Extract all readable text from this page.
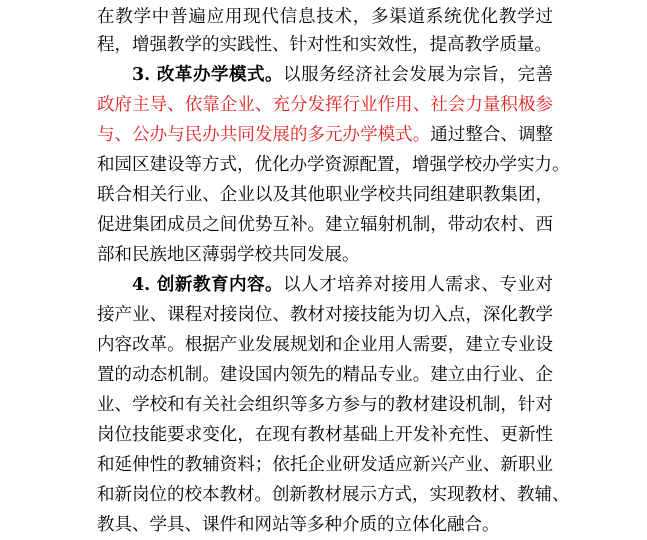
在教学中普遍应用现代信息技术，多渠道系统优化教学过
程，增强教学的实践性、针对性和实效性，提高教学质量。
3. 改革办学模式。以服务经济社会发展为宗旨，完善
政府主导、依靠企业、充分发挥行业作用、社会力量积极参
与、公办与民办共同发展的多元办学模式。通过整合、调整
和园区建设等方式，优化办学资源配置，增强学校办学实力。
联合相关行业、企业以及其他职业学校共同组建职教集团，
促进集团成员之间优势互补。建立辐射机制，带动农村、西
部和民族地区薄弱学校共同发展。
4. 创新教育内容。以人才培养对接用人需求、专业对
接产业、课程对接岗位、教材对接技能为切入点，深化教学
内容改革。根据产业发展规划和企业用人需要，建立专业设
置的动态机制。建设国内领先的精品专业。建立由行业、企
业、学校和有关社会组织等多方参与的教材建设机制，针对
岗位技能要求变化，在现有教材基础上开发补充性、更新性
和延伸性的教辅资料；依托企业研发适应新兴产业、新职业
和新岗位的校本教材。创新教材展示方式，实现教材、教辅、
教具、学具、课件和网站等多种介质的立体化融合。
